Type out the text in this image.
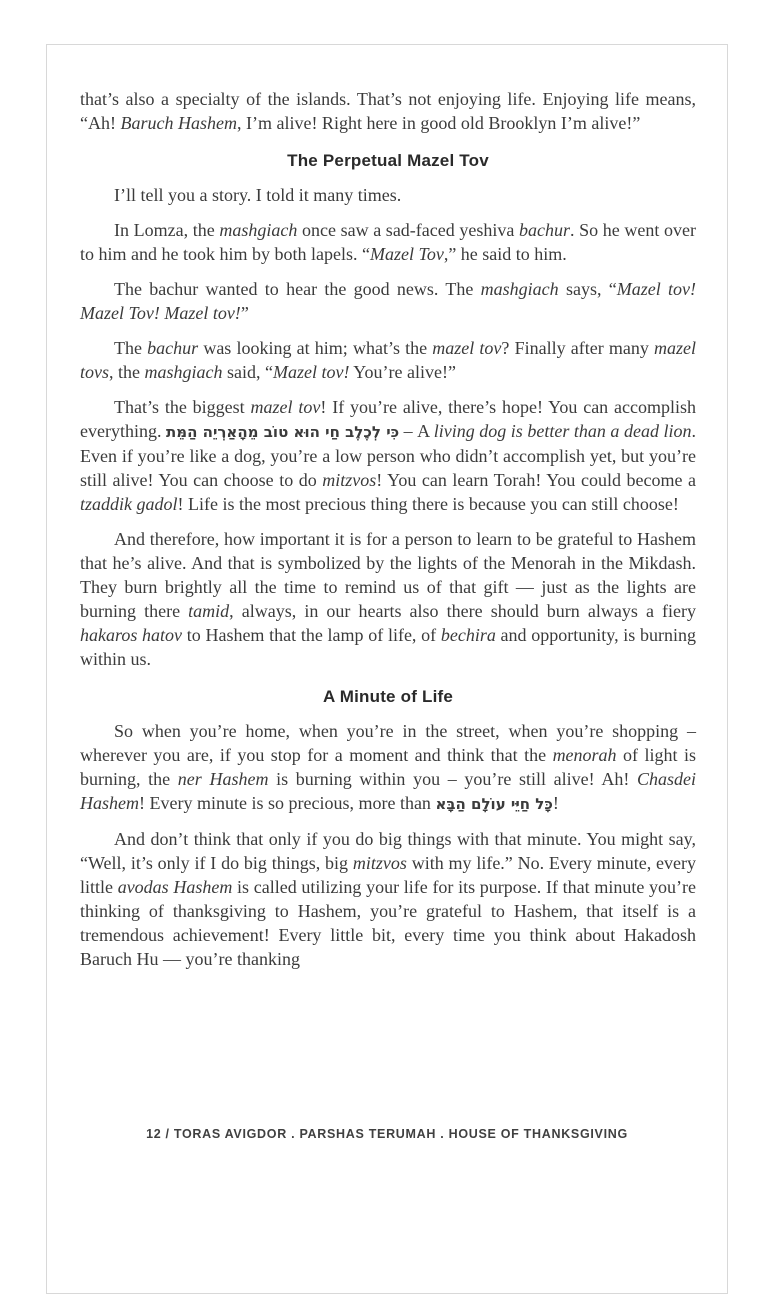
that’s also a specialty of the islands. That’s not enjoying life. Enjoying life means, “Ah! Baruch Hashem, I’m alive! Right here in good old Brooklyn I’m alive!”

The Perpetual Mazel Tov

I’ll tell you a story. I told it many times.

In Lomza, the mashgiach once saw a sad-faced yeshiva bachur. So he went over to him and he took him by both lapels. “Mazel Tov,” he said to him.

The bachur wanted to hear the good news. The mashgiach says, “Mazel tov! Mazel Tov! Mazel tov!”

The bachur was looking at him; what’s the mazel tov? Finally after many mazel tovs, the mashgiach said, “Mazel tov! You’re alive!”

That’s the biggest mazel tov! If you’re alive, there’s hope! You can accomplish everything. כִּי לְכֶלֶב חַי הוּא טוֹב מֵהָאַרְיֵה הַמֵּת – A living dog is better than a dead lion. Even if you’re like a dog, you’re a low person who didn’t accomplish yet, but you’re still alive! You can choose to do mitzvos! You can learn Torah! You could become a tzaddik gadol! Life is the most precious thing there is because you can still choose!

And therefore, how important it is for a person to learn to be grateful to Hashem that he’s alive. And that is symbolized by the lights of the Menorah in the Mikdash. They burn brightly all the time to remind us of that gift — just as the lights are burning there tamid, always, in our hearts also there should burn always a fiery hakaros hatov to Hashem that the lamp of life, of bechira and opportunity, is burning within us.

A Minute of Life

So when you’re home, when you’re in the street, when you’re shopping – wherever you are, if you stop for a moment and think that the menorah of light is burning, the ner Hashem is burning within you – you’re still alive! Ah! Chasdei Hashem! Every minute is so precious, more than כָּל חַיֵּי עוֹלָם הַבָּא!

And don’t think that only if you do big things with that minute. You might say, “Well, it’s only if I do big things, big mitzvos with my life.” No. Every minute, every little avodas Hashem is called utilizing your life for its purpose. If that minute you’re thinking of thanksgiving to Hashem, you’re grateful to Hashem, that itself is a tremendous achievement! Every little bit, every time you think about Hakadosh Baruch Hu — you’re thanking

12 / TORAS AVIGDOR . PARSHAS TERUMAH . HOUSE OF THANKSGIVING
